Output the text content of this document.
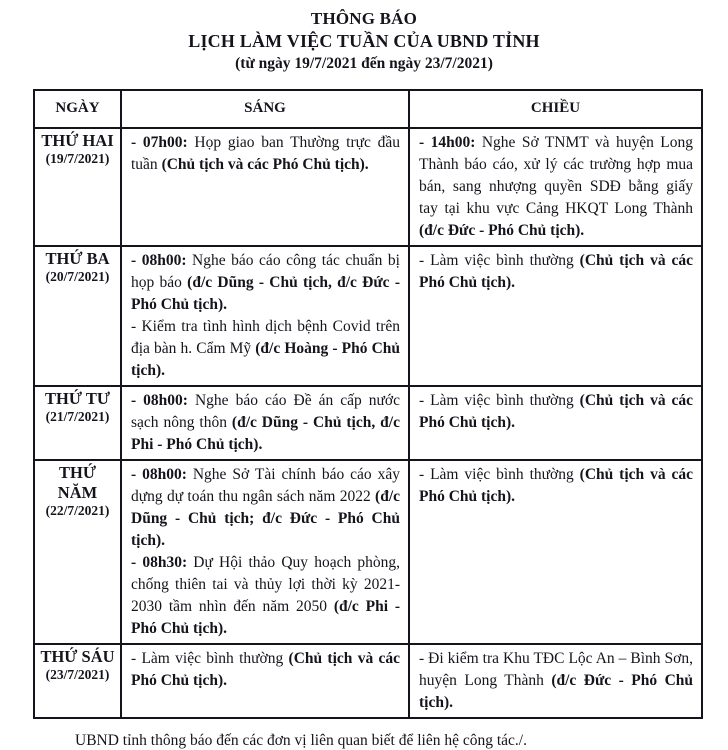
THÔNG BÁO
LỊCH LÀM VIỆC TUẦN CỦA UBND TỈNH
(từ ngày 19/7/2021 đến ngày 23/7/2021)
NGÀY	SÁNG	CHIỀU

THỨ HAI
(19/7/2021)	- 07h00: Họp giao ban Thường trực đầu tuần (Chủ tịch và các Phó Chủ tịch).	- 14h00: Nghe Sở TNMT và huyện Long Thành báo cáo, xử lý các trường hợp mua bán, sang nhượng quyền SDĐ bằng giấy tay tại khu vực Cảng HKQT Long Thành (đ/c Đức - Phó Chủ tịch).

THỨ BA
(20/7/2021)

- 08h00: Nghe báo cáo công tác chuẩn bị họp báo (đ/c Dũng - Chủ tịch, đ/c Đức - Phó Chủ tịch).
- Kiểm tra tình hình dịch bệnh Covid trên địa bàn h. Cẩm Mỹ (đ/c Hoàng - Phó Chủ tịch).

- Làm việc bình thường (Chủ tịch và các Phó Chủ tịch).

THỨ TƯ
(21/7/2021)	- 08h00: Nghe báo cáo Đề án cấp nước sạch nông thôn (đ/c Dũng - Chủ tịch, đ/c Phi - Phó Chủ tịch).	- Làm việc bình thường (Chủ tịch và các Phó Chủ tịch).

THỨ NĂM
(22/7/2021)

- 08h00: Nghe Sở Tài chính báo cáo xây dựng dự toán thu ngân sách năm 2022 (đ/c Dũng - Chủ tịch; đ/c Đức - Phó Chủ tịch).
- 08h30: Dự Hội thảo Quy hoạch phòng, chống thiên tai và thủy lợi thời kỳ 2021-2030 tầm nhìn đến năm 2050 (đ/c Phi - Phó Chủ tịch).

- Làm việc bình thường (Chủ tịch và các Phó Chủ tịch).

THỨ SÁU
(23/7/2021)	- Làm việc bình thường (Chủ tịch và các Phó Chủ tịch).	- Đi kiểm tra Khu TĐC Lộc An – Bình Sơn, huyện Long Thành (đ/c Đức - Phó Chủ tịch).
UBND tỉnh thông báo đến các đơn vị liên quan biết để liên hệ công tác./.
